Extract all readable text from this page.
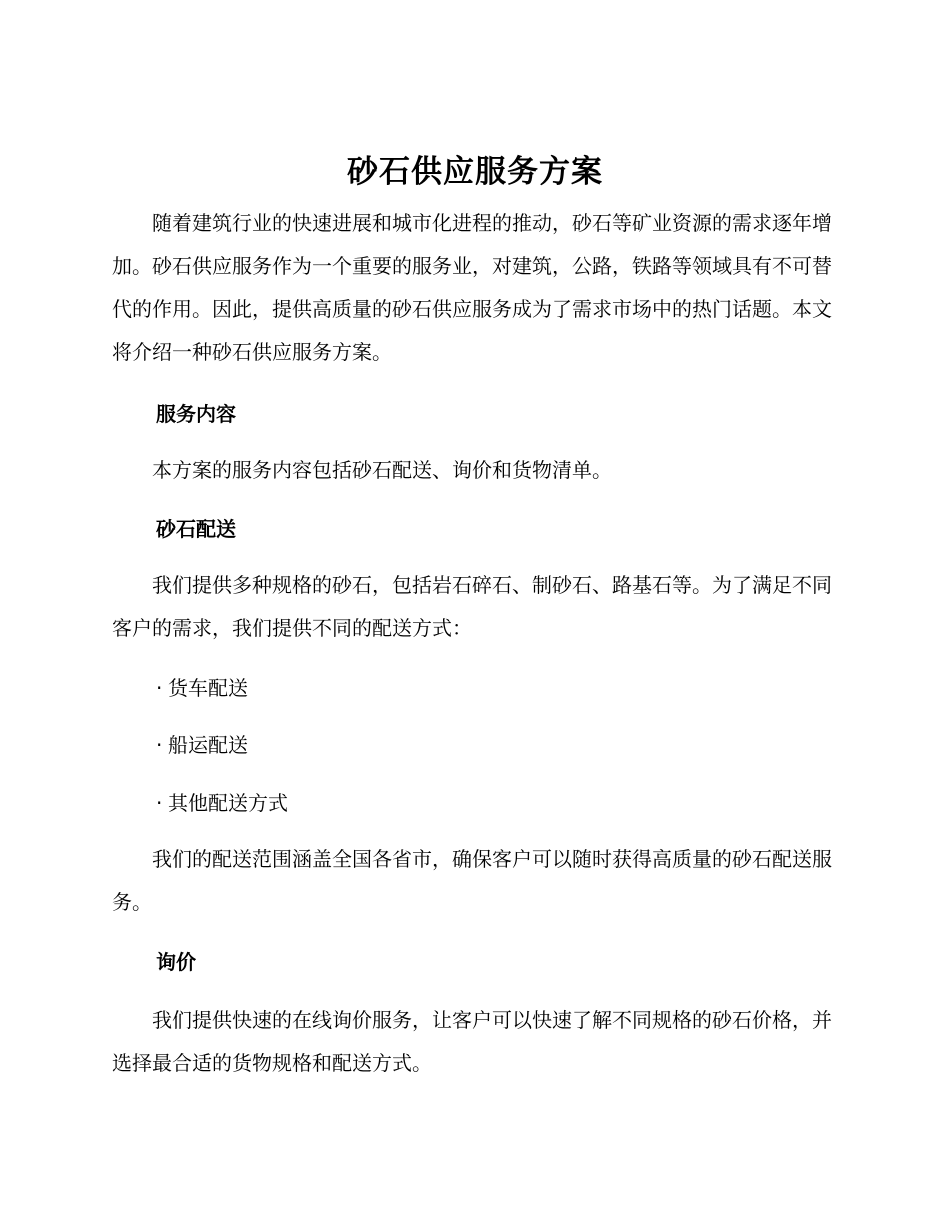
砂石供应服务方案

随着建筑行业的快速进展和城市化进程的推动，砂石等矿业资源的需求逐年增加。砂石供应服务作为一个重要的服务业，对建筑，公路，铁路等领域具有不可替代的作用。因此，提供高质量的砂石供应服务成为了需求市场中的热门话题。本文将介绍一种砂石供应服务方案。

服务内容

本方案的服务内容包括砂石配送、询价和货物清单。

砂石配送

我们提供多种规格的砂石，包括岩石碎石、制砂石、路基石等。为了满足不同客户的需求，我们提供不同的配送方式：

· 货车配送

· 船运配送

· 其他配送方式

我们的配送范围涵盖全国各省市，确保客户可以随时获得高质量的砂石配送服务。

询价

我们提供快速的在线询价服务，让客户可以快速了解不同规格的砂石价格，并选择最合适的货物规格和配送方式。
